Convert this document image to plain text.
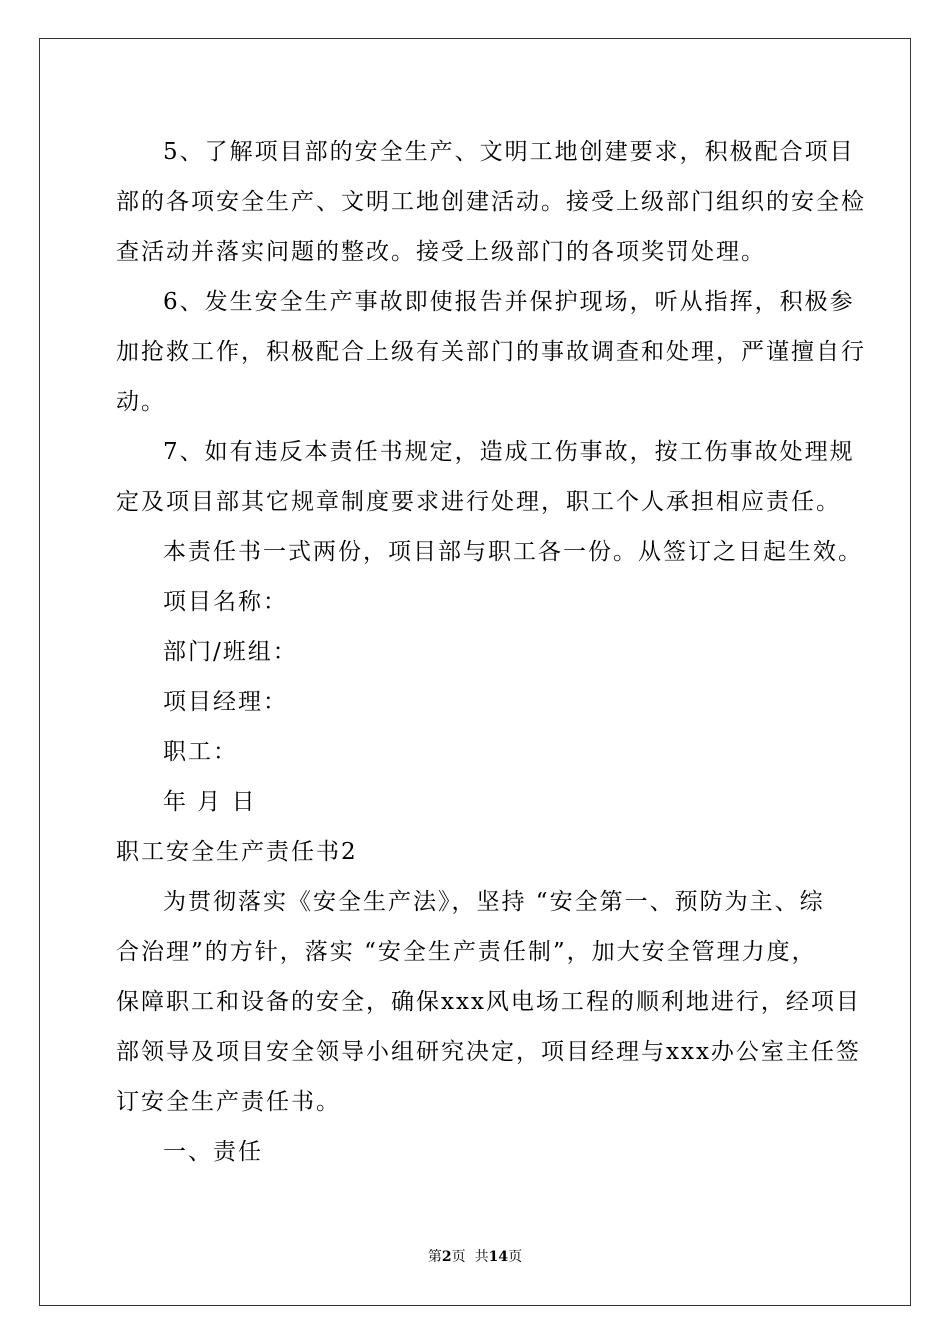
5、了解项目部的安全生产、文明工地创建要求，积极配合项目
部的各项安全生产、文明工地创建活动。接受上级部门组织的安全检
查活动并落实问题的整改。接受上级部门的各项奖罚处理。
6、发生安全生产事故即使报告并保护现场，听从指挥，积极参
加抢救工作，积极配合上级有关部门的事故调查和处理，严谨擅自行
动。
7、如有违反本责任书规定，造成工伤事故，按工伤事故处理规
定及项目部其它规章制度要求进行处理，职工个人承担相应责任。
本责任书一式两份，项目部与职工各一份。从签订之日起生效。
项目名称：
部门/班组：
项目经理：
职工：
年 月 日
职工安全生产责任书2
为贯彻落实《安全生产法》，坚持 “安全第一、预防为主、综
合治理”的方针，落实 “安全生产责任制”，加大安全管理力度，
保障职工和设备的安全，确保xxx风电场工程的顺利地进行，经项目
部领导及项目安全领导小组研究决定，项目经理与xxx办公室主任签
订安全生产责任书。
一、责任
第2页  共14页
